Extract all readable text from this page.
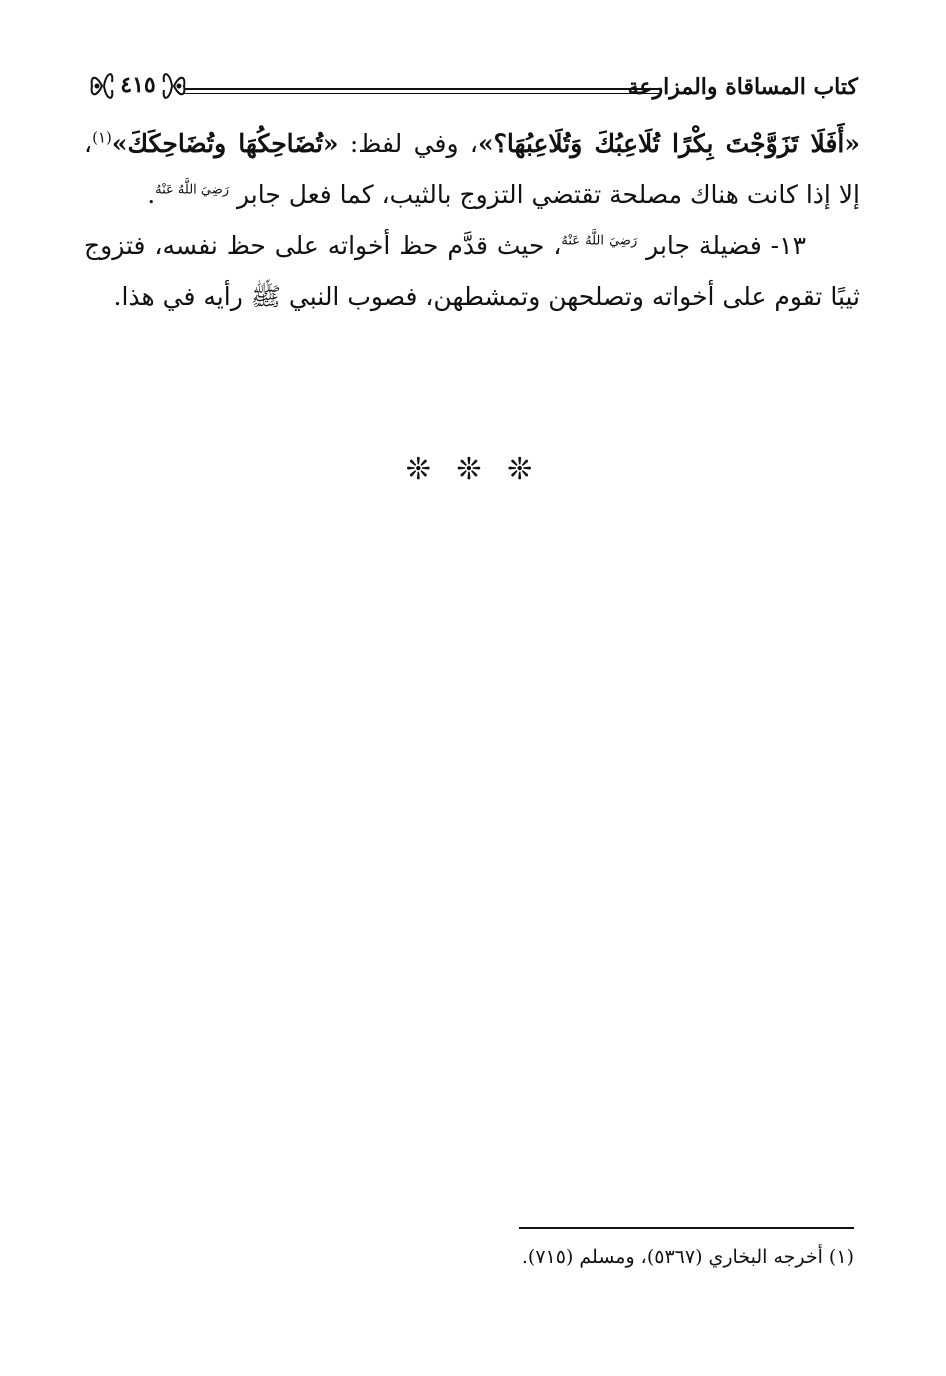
٤١٥	كتاب المساقاة والمزارعة

«أَفَلَا تَزَوَّجْتَ بِكْرًا تُلَاعِبُكَ وَتُلَاعِبُهَا؟»، وفي لفظ: «تُضَاحِكُهَا وتُضَاحِكَكَ»$^{(١)}$، إلا إذا كانت هناك مصلحة تقتضي التزوج بالثيب، كما فعل جابر $^{رَضِيَ اللَّهُ عَنْهُ}$.

١٣- فضيلة جابر $^{رَضِيَ اللَّهُ عَنْهُ}$، حيث قدَّم حظ أخواته على حظ نفسه، فتزوج ثيبًا تقوم على أخواته وتصلحهن وتمشطهن، فصوب النبي ﷺ رأيه في هذا.

❊ ❊ ❊
(١) أخرجه البخاري (٥٣٦٧)، ومسلم (٧١٥).
